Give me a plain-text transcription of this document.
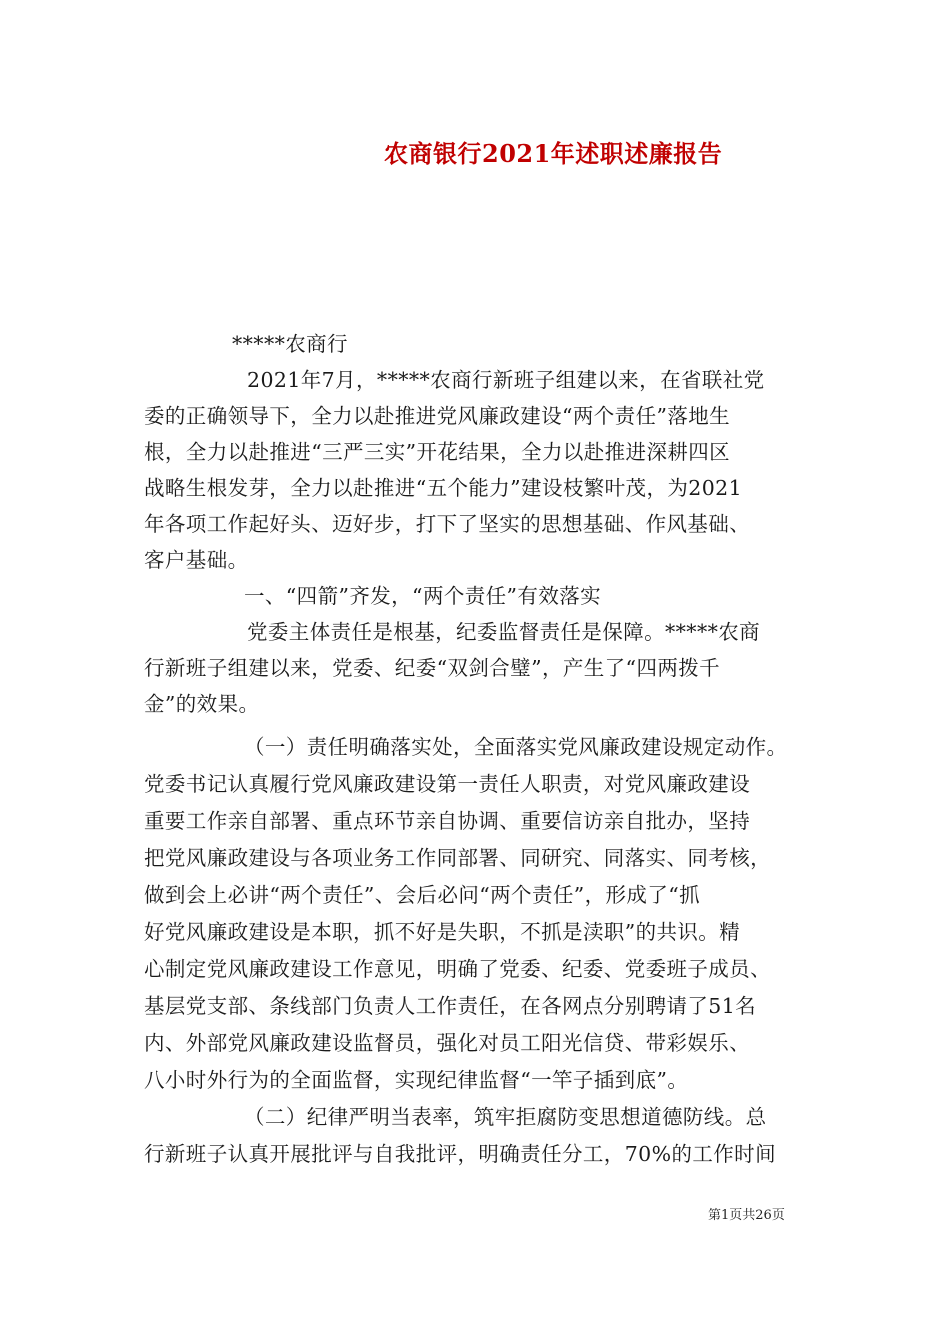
农商银行2021年述职述廉报告
*****农商行
2021年7月，*****农商行新班子组建以来，在省联社党
委的正确领导下，全力以赴推进党风廉政建设“两个责任”落地生
根，全力以赴推进“三严三实”开花结果，全力以赴推进深耕四区
战略生根发芽，全力以赴推进“五个能力”建设枝繁叶茂，为2021
年各项工作起好头、迈好步，打下了坚实的思想基础、作风基础、
客户基础。
一、“四箭”齐发，“两个责任”有效落实
党委主体责任是根基，纪委监督责任是保障。*****农商
行新班子组建以来，党委、纪委“双剑合璧”，产生了“四两拨千
金”的效果。
（一）责任明确落实处，全面落实党风廉政建设规定动作。
党委书记认真履行党风廉政建设第一责任人职责，对党风廉政建设
重要工作亲自部署、重点环节亲自协调、重要信访亲自批办，坚持
把党风廉政建设与各项业务工作同部署、同研究、同落实、同考核，
做到会上必讲“两个责任”、会后必问“两个责任”，形成了“抓
好党风廉政建设是本职，抓不好是失职，不抓是渎职”的共识。精
心制定党风廉政建设工作意见，明确了党委、纪委、党委班子成员、
基层党支部、条线部门负责人工作责任，在各网点分别聘请了51名
内、外部党风廉政建设监督员，强化对员工阳光信贷、带彩娱乐、
八小时外行为的全面监督，实现纪律监督“一竿子插到底”。
（二）纪律严明当表率，筑牢拒腐防变思想道德防线。总
行新班子认真开展批评与自我批评，明确责任分工，70%的工作时间
第1页共26页
